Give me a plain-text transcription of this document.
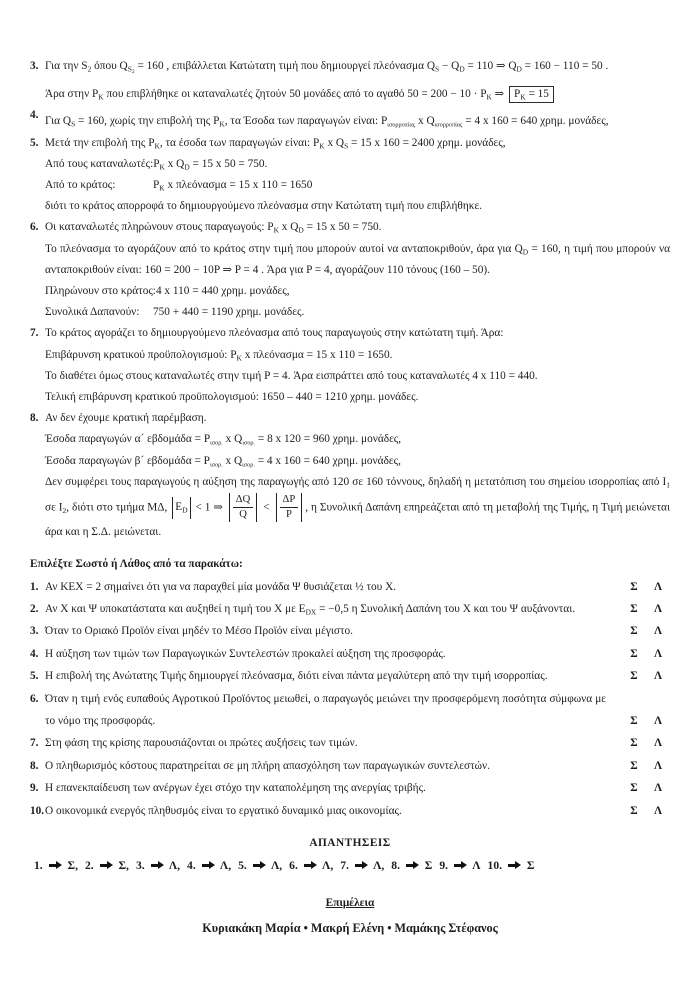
3. Για την $S_2$ όπου $Q_{S2} = 160$ , επιβάλλεται Κατώτατη τιμή που δημιουργεί πλεόνασμα $Q_S - Q_D = 110$ ⇒ $Q_D = 160 - 110 = 50$ .
Άρα στην $P_K$ που επιβλήθηκε οι καταναλωτές ζητούν 50 μονάδες από το αγαθό $50 = 200 - 10 \cdot P_K$ ⇒ $P_K = 15$
4. Για $Q_S = 160$, χωρίς την επιβολή της $P_K$, τα Έσοδα των παραγωγών είναι: $P_{\iota\sigma o\rho\rho o\pi ί\alpha\varsigma}$ x $Q_{\iota\sigma o\rho\rho o\pi ί\alpha\varsigma} = 4$ x 160 = 640 χρημ. μονάδες,
5. Μετά την επιβολή της $P_K$, τα έσοδα των παραγωγών είναι: $P_K$ x $Q_S = 15$ x 160 = 2400 χρημ. μονάδες,
Από τους $\kappa\alpha\tau\alpha\nu\alpha\lambda\omega\tau έ\varsigma:P_K$ x $Q_D = 15$ x 50 = 750.
Από το κράτος:	$P_K$ x πλεόνασμα = 15 x 110 = 1650
διότι το κράτος απορροφά το δημιουργούμενο πλεόνασμα στην Κατώτατη τιμή που επιβλήθηκε.
6. Οι καταναλωτές πληρώνουν στους παραγωγούς: $P_K$ x $Q_D = 15$ x 50 = 750.
Το πλεόνασμα το αγοράζουν από το κράτος στην τιμή που μπορούν αυτοί να ανταποκριθούν, άρα για $Q_D = 160$, η τιμή που μπορούν να ανταποκριθούν είναι: 160 = 200 − 10P ⇒ P = 4 . Άρα για P = 4, αγοράζουν 110 τόνους (160 – 50).
Πληρώνουν στο κράτος:4 x 110 = 440 χρημ. μονάδες,
Συνολικά Δαπανούν:750 + 440 = 1190 χρημ. μονάδες.
7. Το κράτος αγοράζει το δημιουργούμενο πλεόνασμα από τους παραγωγούς στην κατώτατη τιμή. Άρα:
Επιβάρυνση κρατικού προϋπολογισμού: $P_K$ x πλεόνασμα = 15 x 110 = 1650.
Το διαθέτει όμως στους καταναλωτές στην τιμή P = 4. Άρα εισπράττει από τους καταναλωτές 4 x 110 = 440.
Τελική επιβάρυνση κρατικού προϋπολογισμού: 1650 – 440 = 1210 χρημ. μονάδες.
8. Αν δεν έχουμε κρατική παρέμβαση.
Έσοδα παραγωγών α´ $\varepsilon\beta\delta o\mu ά\delta\alpha = P_{\iota\sigma o\rho.}$ x $Q_{\iota\sigma o\rho.} = 8$ x 120 = 960 χρημ. μονάδες,
Έσοδα παραγωγών β´ $\varepsilon\beta\delta o\mu ά\delta\alpha = P_{\iota\sigma o\rho.}$ x $Q_{\iota\sigma o\rho.} = 4$ x 160 = 640 χρημ. μονάδες,
Δεν συμφέρει τους παραγωγούς η αύξηση της παραγωγής από 120 σε 160 τόννους, δηλαδή η μετατόπιση του σημείου ισορροπίας από $I_1$ σε $I_2$, διότι στο τμήμα ΜΔ, $E_D < 1$ ⇒ $\frac{\Delta Q}{Q} < \frac{\Delta P}{P}$ , η Συνολική Δαπάνη επηρεάζεται από τη μεταβολή της Τιμής, η Τιμή μειώνεται άρα και η Σ.Δ. μειώνεται.
Επιλέξτε Σωστό ή Λάθος από τα παρακάτω:
1. Αν ΚΕΧ = 2 σημαίνει ότι για να παραχθεί μία μονάδα Ψ θυσιάζεται ½ του Χ.	Σ	Λ
2. Αν Χ και Ψ υποκατάστατα και αυξηθεί η τιμή του Χ με $E_{DX} = -0,5$ η Συνολική Δαπάνη του Χ και του Ψ αυξάνονται.	Σ	Λ
3. Όταν το Οριακό Προϊόν είναι μηδέν το Μέσο Προϊόν είναι μέγιστο.	Σ	Λ
4. Η αύξηση των τιμών των Παραγωγικών Συντελεστών προκαλεί αύξηση της προσφοράς.	Σ	Λ
5. Η επιβολή της Ανώτατης Τιμής δημιουργεί πλεόνασμα, διότι είναι πάντα μεγαλύτερη από την τιμή ισορροπίας.	Σ	Λ
6. Όταν η τιμή ενός ευπαθούς Αγροτικού Προϊόντος μειωθεί, ο παραγωγός μειώνει την προσφερόμενη ποσότητα σύμφωνα με το νόμο της προσφοράς.	Σ	Λ
7. Στη φάση της κρίσης παρουσιάζονται οι πρώτες αυξήσεις των τιμών.	Σ	Λ
8. Ο πληθωρισμός κόστους παρατηρείται σε μη πλήρη απασχόληση των παραγωγικών συντελεστών.	Σ	Λ
9. Η επανεκπαίδευση των ανέργων έχει στόχο την καταπολέμηση της ανεργίας τριβής.	Σ	Λ
10. Ο οικονομικά ενεργός πληθυσμός είναι το εργατικό δυναμικό μιας οικονομίας.	Σ	Λ
ΑΠΑΝΤΗΣΕΙΣ
1.  Σ, 2.  Σ, 3.  Λ, 4.  Λ, 5.  Λ, 6.  Λ, 7.  Λ, 8.  Σ 9.  Λ 10.  Σ
Επιμέλεια
Κυριακάκη Μαρία • Μακρή Ελένη • Μαμάκης Στέφανος
